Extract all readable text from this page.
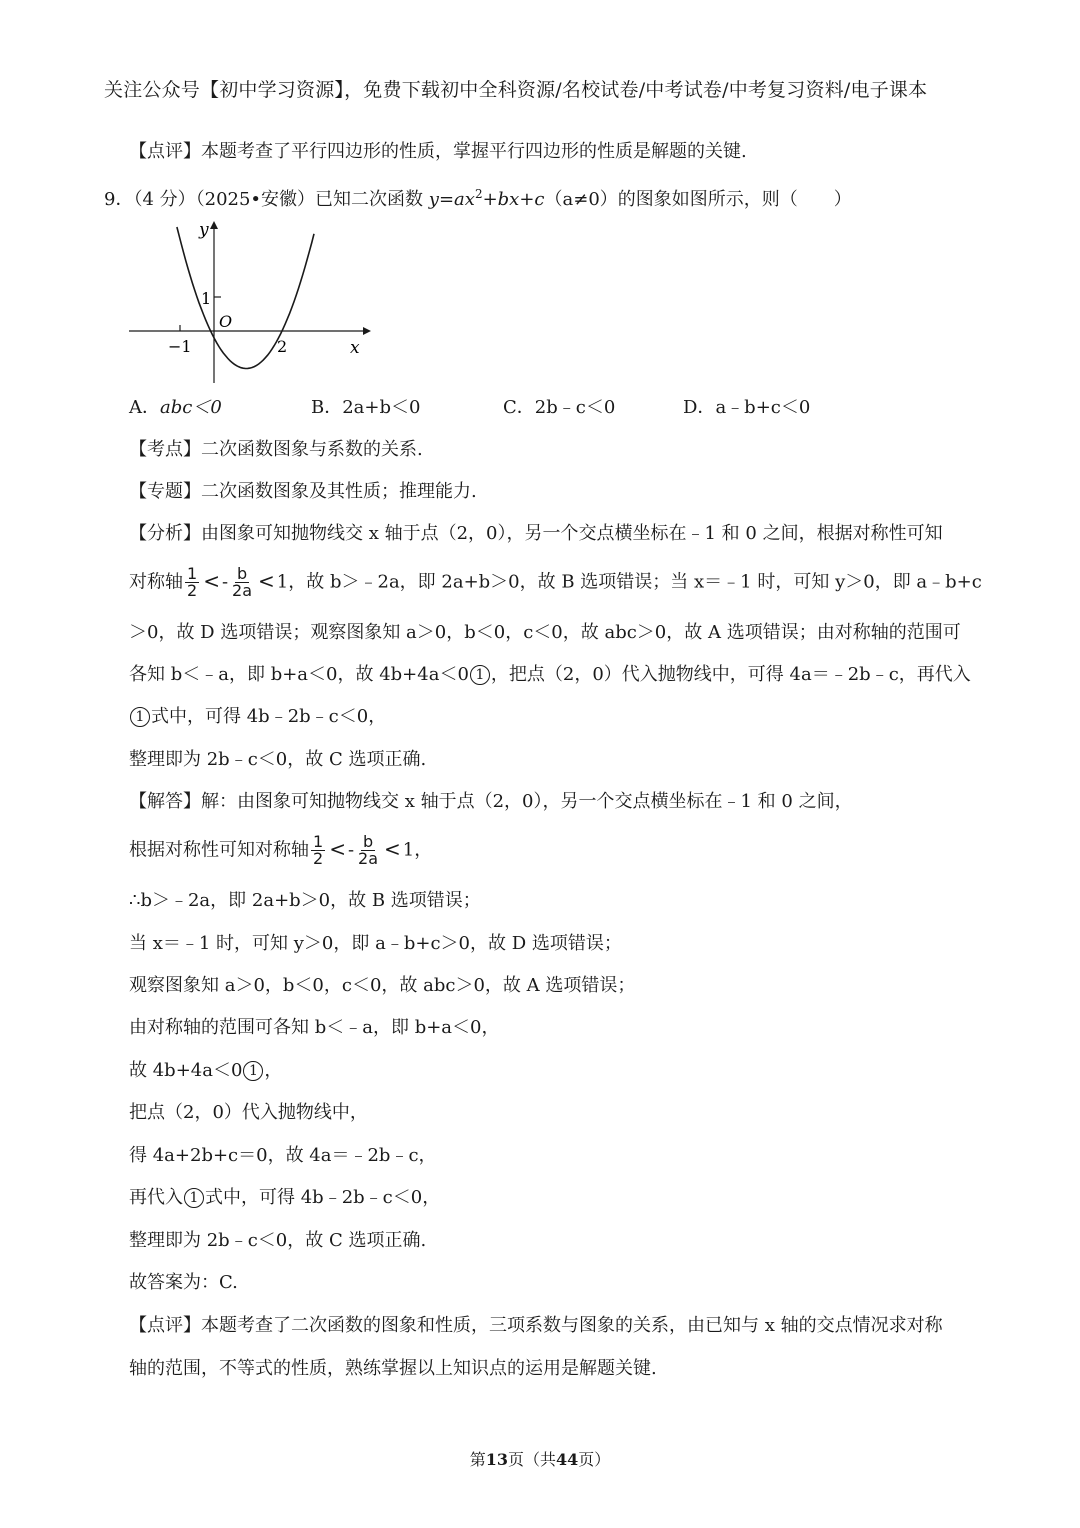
关注公众号【初中学习资源】，免费下载初中全科资源/名校试卷/中考试卷/中考复习资料/电子课本
【点评】本题考查了平行四边形的性质，掌握平行四边形的性质是解题的关键.
9．（4 分）（2025•安徽）已知二次函数 $y=ax^2+bx+c(a\ne 0)$的图象如图所示，则（　　）
y
x
O
1
−1	2
A．abc＜0	B．2a+b＜0	C．2b﹣c＜0	D．a﹣b+c＜0
【考点】二次函数图象与系数的关系.
【专题】二次函数图象及其性质；推理能力.
【分析】由图象可知抛物线交 x 轴于点（2，0），另一个交点横坐标在﹣1 和 0 之间，根据对称性可知
对称轴 $\frac{1}{2}$ < - $\frac{b}{2a} < 1$，故 b＞﹣2a，即 2a+b＞0，故 B 选项错误；当 x＝﹣1 时，可知 y＞0，即 a﹣b+c
＞0，故 D 选项错误；观察图象知 a＞0，b＜0，c＜0，故 abc＞0，故 A 选项错误；由对称轴的范围可
各知 b＜﹣a，即 b+a＜0，故 4b+4a＜0 1 ，把点（2，0）代入抛物线中，可得 4a＝﹣2b﹣c，再代入
1 式中，可得 4b﹣2b﹣c＜0，
整理即为 2b﹣c＜0，故 C 选项正确.
【解答】解：由图象可知抛物线交 x 轴于点（2，0），另一个交点横坐标在﹣1 和 0 之间，
根据对称性可知对称轴 $\frac{1}{2}$ < - $\frac{b}{2a} < 1$，
∴b＞﹣2a，即 2a+b＞0，故 B 选项错误；
当 x＝﹣1 时，可知 y＞0，即 a﹣b+c＞0，故 D 选项错误；
观察图象知 a＞0，b＜0，c＜0，故 abc＞0，故 A 选项错误；
由对称轴的范围可各知 b＜﹣a，即 b+a＜0，
故 4b+4a＜0 1 ，
把点（2，0）代入抛物线中，
得 4a+2b+c＝0，故 4a＝﹣2b﹣c，
再代入 1 式中，可得 4b﹣2b﹣c＜0，
整理即为 2b﹣c＜0，故 C 选项正确.
故答案为：C.
【点评】本题考查了二次函数的图象和性质，三项系数与图象的关系，由已知与 x 轴的交点情况求对称
轴的范围，不等式的性质，熟练掌握以上知识点的运用是解题关键.
第13页（共44页）
